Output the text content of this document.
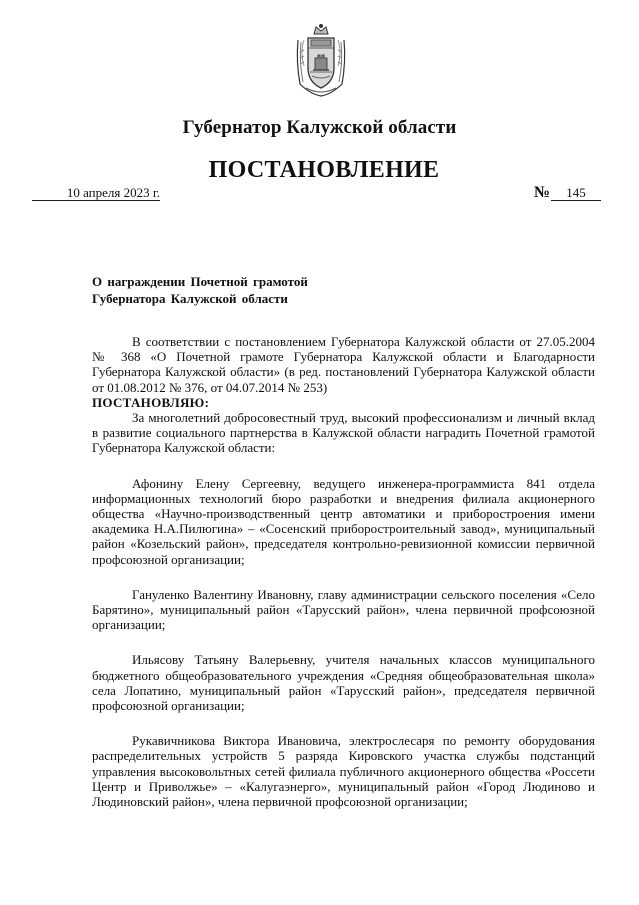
Губернатор Калужской области
ПОСТАНОВЛЕНИЕ
10 апреля 2023 г.	№	145
О награждении Почетной грамотой
Губернатора Калужской области

В соответствии с постановлением Губернатора Калужской области от 27.05.2004 № 368 «О Почетной грамоте Губернатора Калужской области и Благодарности Губернатора Калужской области» (в ред. постановлений Губернатора Калужской области от 01.08.2012 № 376, от 04.07.2014 № 253)

ПОСТАНОВЛЯЮ:

За многолетний добросовестный труд, высокий профессионализм и личный вклад в развитие социального партнерства в Калужской области наградить Почетной грамотой Губернатора Калужской области:

Афонину Елену Сергеевну, ведущего инженера-программиста 841 отдела информационных технологий бюро разработки и внедрения филиала акционерного общества «Научно-производственный центр автоматики и приборостроения имени академика Н.А.Пилюгина» – «Сосенский приборостроительный завод», муниципальный район «Козельский район», председателя контрольно-ревизионной комиссии первичной профсоюзной организации;

Гануленко Валентину Ивановну, главу администрации сельского поселения «Село Барятино», муниципальный район «Тарусский район», члена первичной профсоюзной организации;

Ильясову Татьяну Валерьевну, учителя начальных классов муниципального бюджетного общеобразовательного учреждения «Средняя общеобразовательная школа» села Лопатино, муниципальный район «Тарусский район», председателя первичной профсоюзной организации;

Рукавичникова Виктора Ивановича, электрослесаря по ремонту оборудования распределительных устройств 5 разряда Кировского участка службы подстанций управления высоковольтных сетей филиала публичного акционерного общества «Россети Центр и Приволжье» – «Калугаэнерго», муниципальный район «Город Людиново и Людиновский район», члена первичной профсоюзной организации;
